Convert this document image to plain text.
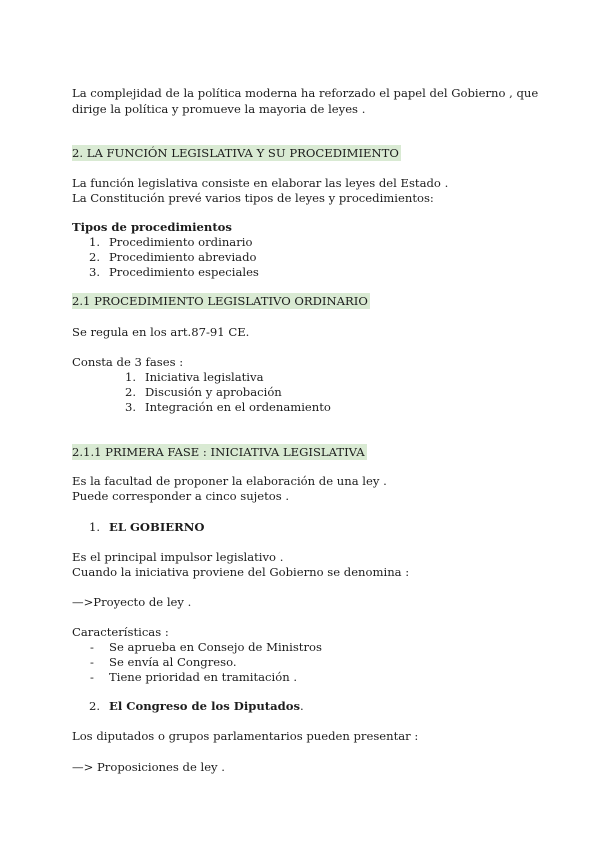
La complejidad de la política moderna ha reforzado el papel del Gobierno , que
dirige la política y promueve la mayoria de leyes .
2. LA FUNCIÓN LEGISLATIVA Y SU PROCEDIMIENTO
La función legislativa consiste en elaborar las leyes del Estado .
La Constitución prevé varios tipos de leyes y procedimientos:
Tipos de procedimientos
1. Procedimiento ordinario
2. Procedimiento abreviado
3. Procedimiento especiales
2.1 PROCEDIMIENTO LEGISLATIVO ORDINARIO
Se regula en los art.87-91 CE.
Consta de 3 fases :
1. Iniciativa legislativa
2. Discusión y aprobación
3. Integración en el ordenamiento
2.1.1 PRIMERA FASE : INICIATIVA LEGISLATIVA
Es la facultad de proponer la elaboración de una ley .
Puede corresponder a cinco sujetos .
1. EL GOBIERNO
Es el principal impulsor legislativo .
Cuando la iniciativa proviene del Gobierno se denomina :
—>Proyecto de ley .
Características :
- Se aprueba en Consejo de Ministros
- Se envía al Congreso.
- Tiene prioridad en tramitación .
2. El Congreso de los Diputados.
Los diputados o grupos parlamentarios pueden presentar :
—> Proposiciones de ley .
